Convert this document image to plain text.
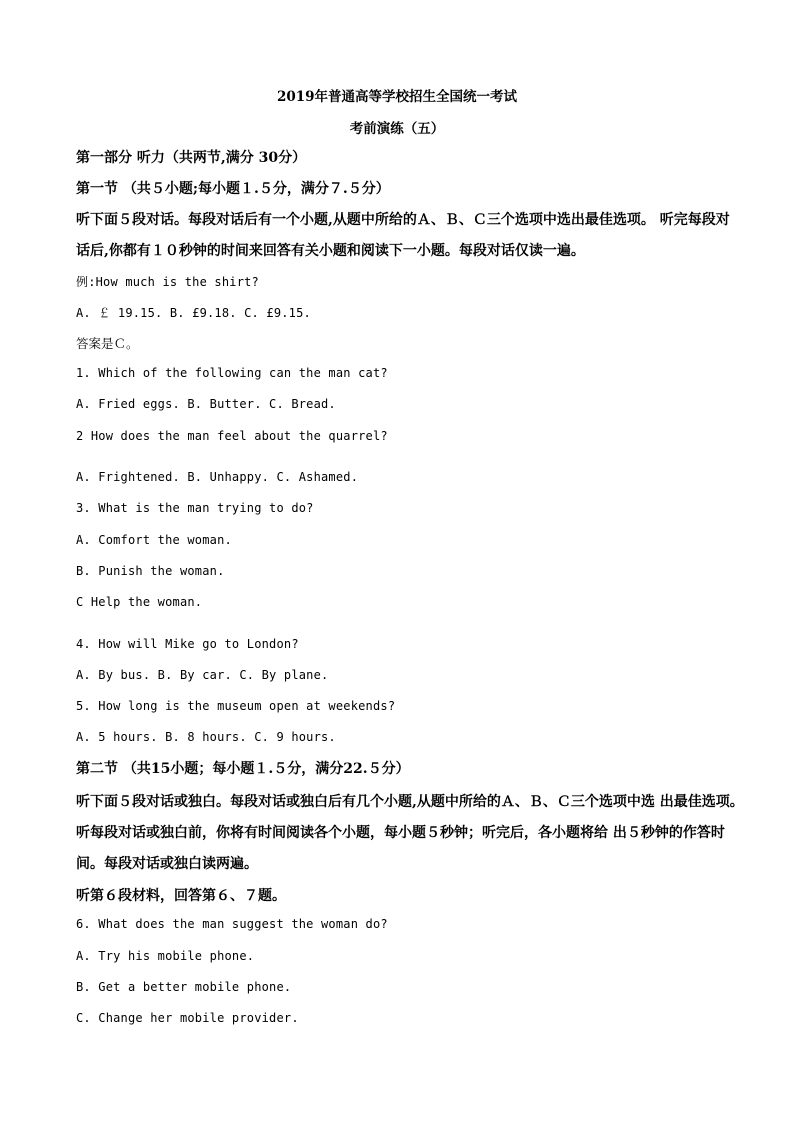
2019年普通高等学校招生全国统一考试
考前演练（五）
第一部分 听力（共两节,满分 30分）
第一节 （共５小题;每小题１.５分，满分７.５分）
听下面５段对话。每段对话后有一个小题,从题中所给的Ａ、Ｂ、Ｃ三个选项中选出最佳选项。 听完每段对
话后,你都有１０秒钟的时间来回答有关小题和阅读下一小题。每段对话仅读一遍。
例:How much is the shirt?
A. ￡ 19.15. B. £9.18. C. £9.15.
答案是Ｃ。
1. Which of the following can the man cat?
A. Fried eggs. B. Butter. C. Bread.
2 How does the man feel about the quarrel?
A. Frightened. B. Unhappy. C. Ashamed.
3. What is the man trying to do?
A. Comfort the woman.
B. Punish the woman.
C Help the woman.
4. How will Mike go to London?
A. By bus. B. By car. C. By plane.
5. How long is the museum open at weekends?
A. 5 hours. B. 8 hours. C. 9 hours.
第二节 （共15小题；每小题１.５分，满分22.５分）
听下面５段对话或独白。每段对话或独白后有几个小题,从题中所给的Ａ、Ｂ、Ｃ三个选项中选 出最佳选项。
听每段对话或独白前，你将有时间阅读各个小题，每小题５秒钟；听完后，各小题将给 出５秒钟的作答时
间。每段对话或独白读两遍。
听第６段材料，回答第６、７题。
6. What does the man suggest the woman do?
A. Try his mobile phone.
B. Get a better mobile phone.
C. Change her mobile provider.
